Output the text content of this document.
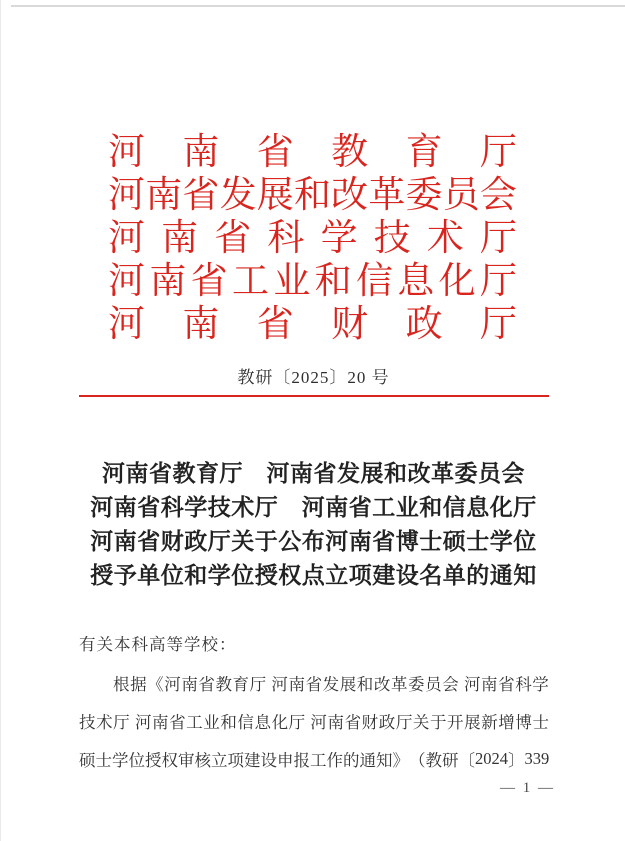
河 南 省 教 育 厅
河 南 省 发 展 和 改 革 委 员 会
河 南 省 科 学 技 术 厅
河 南 省 工 业 和 信 息 化 厅
河 南 省 财 政 厅
教研〔2025〕20 号
河南省教育厅　河南省发展和改革委员会
河南省科学技术厅　河南省工业和信息化厅
河南省财政厅关于公布河南省博士硕士学位
授予单位和学位授权点立项建设名单的通知
有关本科高等学校：
根 据 《 河 南 省 教 育 厅
河 南 省 发 展 和 改 革 委 员 会
河 南 省 科 学
技 术 厅
河 南 省 工 业 和 信 息 化 厅
河 南 省 财 政 厅 关 于 开 展 新 增 博 士
硕 士 学 位 授 权 审 核 立 项 建 设 申 报 工 作 的 通 知 》 （ 教 研 〔 2 0 2 4 〕 3 3 9
— 1 —
